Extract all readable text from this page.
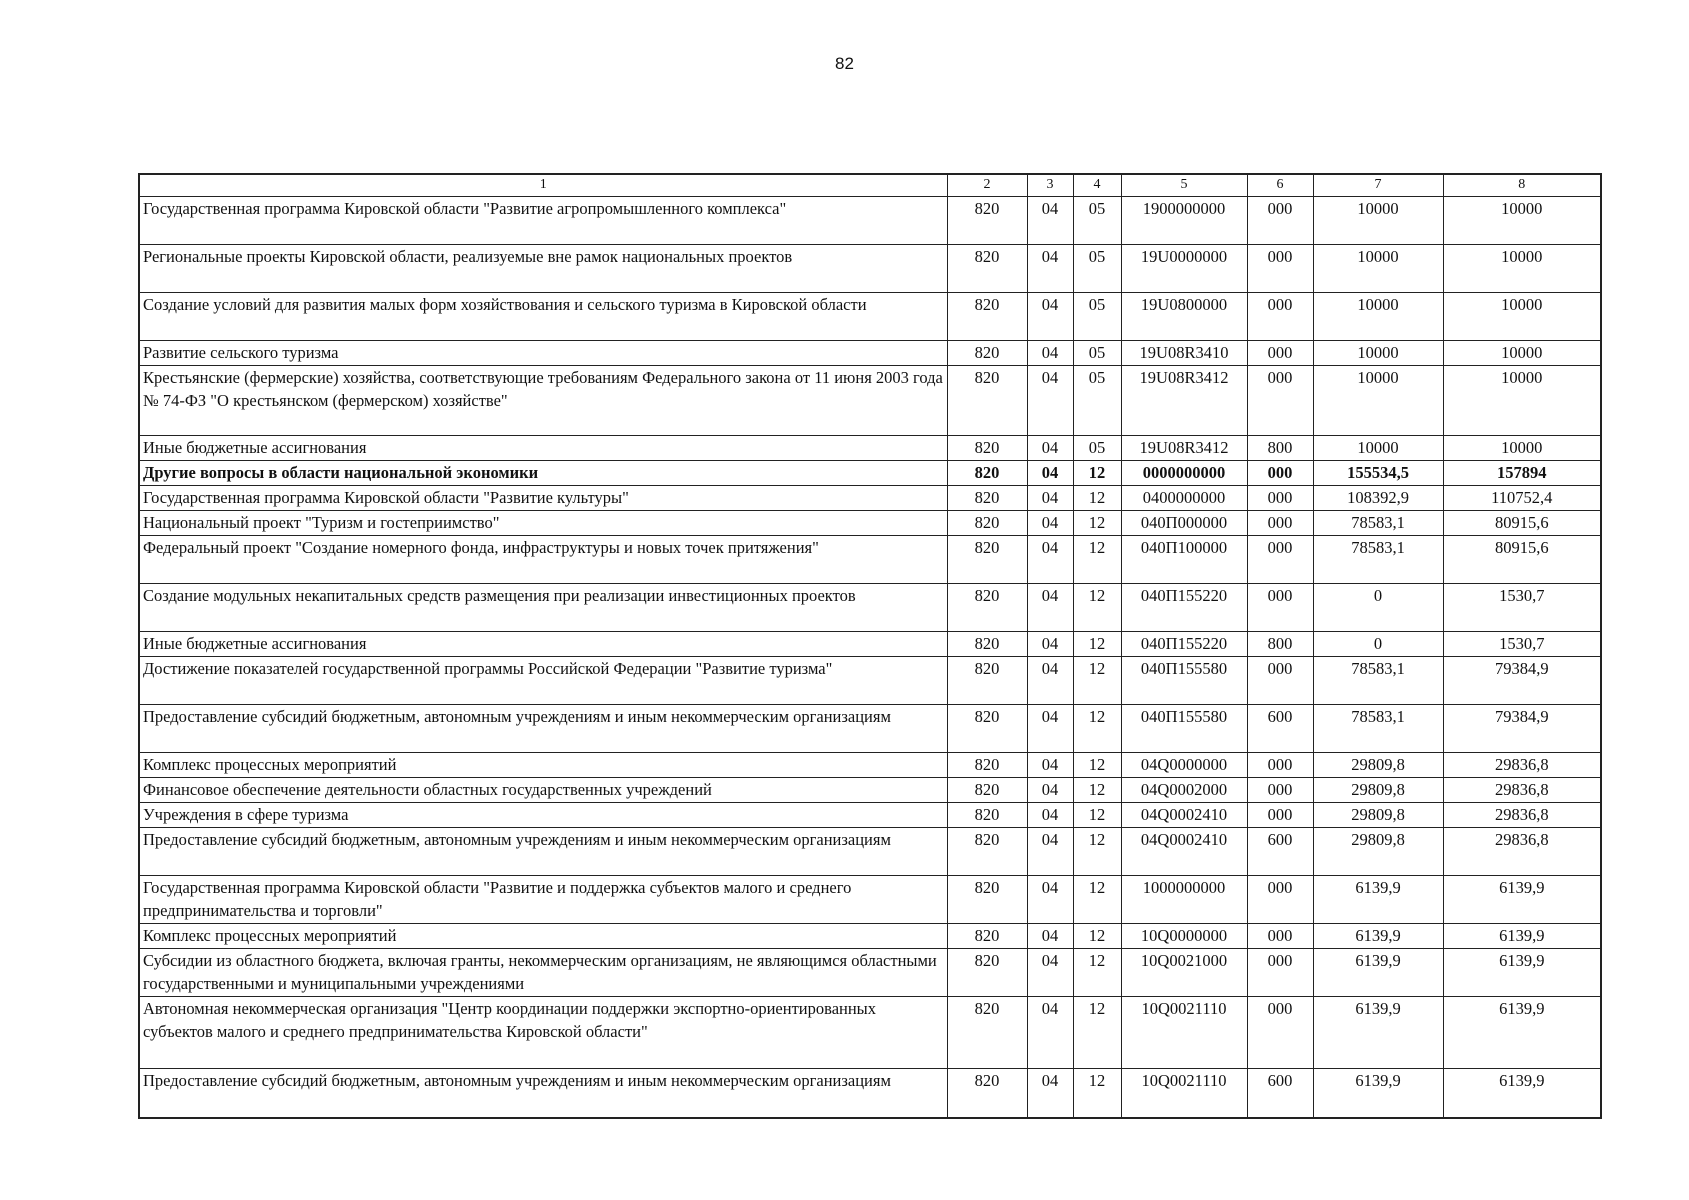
82
1	2	3	4	5	6	7	8
Государственная программа Кировской области "Развитие агропромышленного комплекса"	820	04	05	1900000000	000	10000	10000
Региональные проекты Кировской области, реализуемые вне рамок национальных проектов	820	04	05	19U0000000	000	10000	10000
Создание условий для развития малых форм хозяйствования и сельского туризма в Кировской области	820	04	05	19U0800000	000	10000	10000
Развитие сельского туризма	820	04	05	19U08R3410	000	10000	10000
Крестьянские (фермерские) хозяйства, соответствующие требованиям Федерального закона от 11 июня 2003 года № 74-ФЗ "О крестьянском (фермерском) хозяйстве"	820	04	05	19U08R3412	000	10000	10000
Иные бюджетные ассигнования	820	04	05	19U08R3412	800	10000	10000
Другие вопросы в области национальной экономики	820	04	12	0000000000	000	155534,5	157894
Государственная программа Кировской области "Развитие культуры"	820	04	12	0400000000	000	108392,9	110752,4
Национальный проект "Туризм и гостеприимство"	820	04	12	040П000000	000	78583,1	80915,6
Федеральный проект "Создание номерного фонда, инфраструктуры и новых точек притяжения"	820	04	12	040П100000	000	78583,1	80915,6
Создание модульных некапитальных средств размещения при реализации инвестиционных проектов	820	04	12	040П155220	000	0	1530,7
Иные бюджетные ассигнования	820	04	12	040П155220	800	0	1530,7
Достижение показателей государственной программы Российской Федерации "Развитие туризма"	820	04	12	040П155580	000	78583,1	79384,9
Предоставление субсидий бюджетным, автономным учреждениям и иным некоммерческим организациям	820	04	12	040П155580	600	78583,1	79384,9
Комплекс процессных мероприятий	820	04	12	04Q0000000	000	29809,8	29836,8
Финансовое обеспечение деятельности областных государственных учреждений	820	04	12	04Q0002000	000	29809,8	29836,8
Учреждения в сфере туризма	820	04	12	04Q0002410	000	29809,8	29836,8
Предоставление субсидий бюджетным, автономным учреждениям и иным некоммерческим организациям	820	04	12	04Q0002410	600	29809,8	29836,8
Государственная программа Кировской области "Развитие и поддержка субъектов малого и среднего предпринимательства и торговли"	820	04	12	1000000000	000	6139,9	6139,9
Комплекс процессных мероприятий	820	04	12	10Q0000000	000	6139,9	6139,9
Субсидии из областного бюджета, включая гранты, некоммерческим организациям, не являющимся областными государственными и муниципальными учреждениями	820	04	12	10Q0021000	000	6139,9	6139,9
Автономная некоммерческая организация "Центр координации поддержки экспортно-ориентированных субъектов малого и среднего предпринимательства Кировской области"	820	04	12	10Q0021110	000	6139,9	6139,9
Предоставление субсидий бюджетным, автономным учреждениям и иным некоммерческим организациям	820	04	12	10Q0021110	600	6139,9	6139,9
